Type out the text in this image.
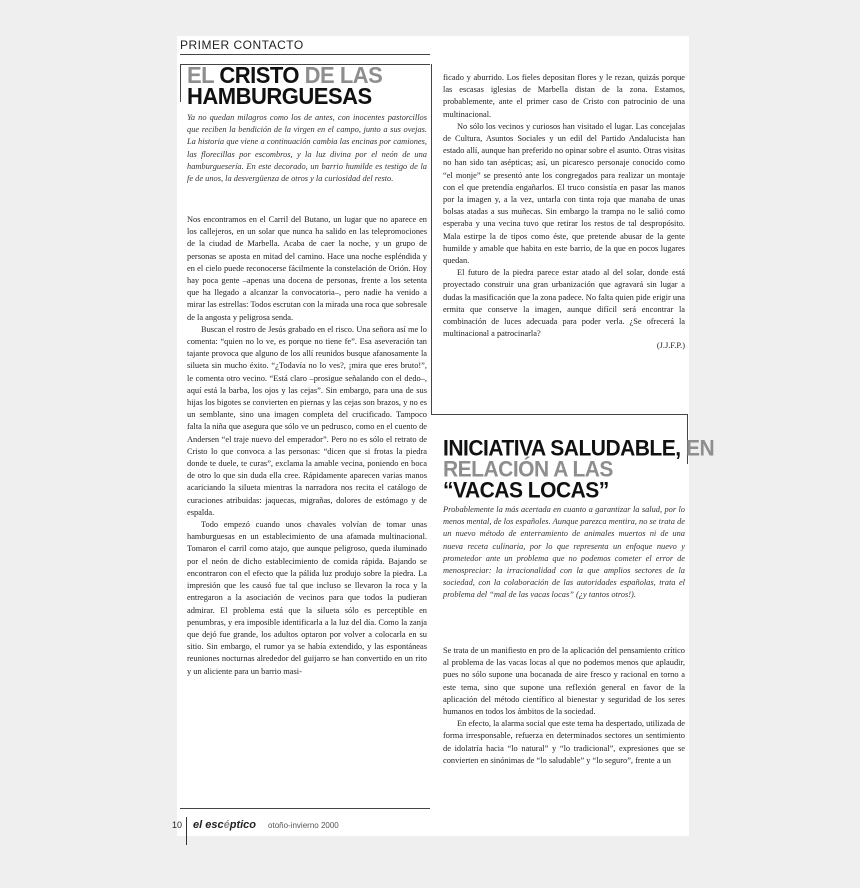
PRIMER CONTACTO
EL CRISTO DE LAS
HAMBURGUESAS

Ya no quedan milagros como los de antes, con inocentes pastorcillos que reciben la bendición de la virgen en el campo, junto a sus ovejas. La historia que viene a continuación cambia las encinas por camiones, las florecillas por escombros, y la luz divina por el neón de una hamburguesería. En este decorado, un barrio humilde es testigo de la fe de unos, la desvergüenza de otros y la curiosidad del resto.

Nos encontramos en el Carril del Butano, un lugar que no aparece en los callejeros, en un solar que nunca ha salido en las telepromociones de la ciudad de Marbella. Acaba de caer la noche, y un grupo de personas se aposta en mitad del camino. Hace una noche espléndida y en el cielo puede reconocerse fácilmente la constelación de Orión. Hoy hay poca gente –apenas una docena de personas, frente a los setenta que ha llegado a alcanzar la convocatoria–, pero nadie ha venido a mirar las estrellas: Todos escrutan con la mirada una roca que sobresale de la angosta y peligrosa senda.

Buscan el rostro de Jesús grabado en el risco. Una señora así me lo comenta: “quien no lo ve, es porque no tiene fe”. Esa aseveración tan tajante provoca que alguno de los allí reunidos busque afanosamente la silueta sin mucho éxito. “¿Todavía no lo ves?, ¡mira que eres bruto!”, le comenta otro vecino. “Está claro –prosigue señalando con el dedo–, aquí está la barba, los ojos y las cejas”. Sin embargo, para una de sus hijas los bigotes se convierten en piernas y las cejas son brazos, y no es un semblante, sino una imagen completa del crucificado. Tampoco falta la niña que asegura que sólo ve un pedrusco, como en el cuento de Andersen “el traje nuevo del emperador”. Pero no es sólo el retrato de Cristo lo que convoca a las personas: “dicen que si frotas la piedra donde te duele, te curas”, exclama la amable vecina, poniendo en boca de otro lo que sin duda ella cree. Rápidamente aparecen varias manos acariciando la silueta mientras la narradora nos recita el catálogo de curaciones atribuidas: jaquecas, migrañas, dolores de estómago y de espalda.

Todo empezó cuando unos chavales volvían de tomar unas hamburguesas en un establecimiento de una afamada multinacional. Tomaron el carril como atajo, que aunque peligroso, queda iluminado por el neón de dicho establecimiento de comida rápida. Bajando se encontraron con el efecto que la pálida luz produjo sobre la piedra. La impresión que les causó fue tal que incluso se llevaron la roca y la entregaron a la asociación de vecinos para que todos la pudieran admirar. El problema está que la silueta sólo es perceptible en penumbras, y era imposible identificarla a la luz del día. Como la zanja que dejó fue grande, los adultos optaron por volver a colocarla en su sitio. Sin embargo, el rumor ya se había extendido, y las espontáneas reuniones nocturnas alrededor del guijarro se han convertido en un rito y un aliciente para un barrio masi-

ficado y aburrido. Los fieles depositan flores y le rezan, quizás porque las escasas iglesias de Marbella distan de la zona. Estamos, probablemente, ante el primer caso de Cristo con patrocinio de una multinacional.

No sólo los vecinos y curiosos han visitado el lugar. Las concejalas de Cultura, Asuntos Sociales y un edil del Partido Andalucista han estado allí, aunque han preferido no opinar sobre el asunto. Otras visitas no han sido tan asépticas; así, un picaresco personaje conocido como “el monje” se presentó ante los congregados para realizar un montaje con el que pretendía engañarlos. El truco consistía en pasar las manos por la imagen y, a la vez, untarla con tinta roja que manaba de unas bolsas atadas a sus muñecas. Sin embargo la trampa no le salió como esperaba y una vecina tuvo que retirar los restos de tal despropósito. Mala estirpe la de tipos como éste, que pretende abusar de la gente humilde y amable que habita en este barrio, de la que en pocos lugares quedan.

El futuro de la piedra parece estar atado al del solar, donde está proyectado construir una gran urbanización que agravará sin lugar a dudas la masificación que la zona padece. No falta quien pide erigir una ermita que conserve la imagen, aunque difícil será encontrar la combinación de luces adecuada para poder verla. ¿Se ofrecerá la multinacional a patrocinarla?

(J.J.F.P.)

INICIATIVA SALUDABLE, EN
RELACIÓN A LAS
“VACAS LOCAS”

Probablemente la más acertada en cuanto a garantizar la salud, por lo menos mental, de los españoles. Aunque parezca mentira, no se trata de un nuevo método de enterramiento de animales muertos ni de una nueva receta culinaria, por lo que representa un enfoque nuevo y prometedor ante un problema que no podemos cometer el error de menospreciar: la irracionalidad con la que amplios sectores de la sociedad, con la colaboración de las autoridades españolas, trata el problema del “mal de las vacas locas” (¿y tantos otros!).

Se trata de un manifiesto en pro de la aplicación del pensamiento crítico al problema de las vacas locas al que no podemos menos que aplaudir, pues no sólo supone una bocanada de aire fresco y racional en torno a este tema, sino que supone una reflexión general en favor de la aplicación del método científico al bienestar y seguridad de los seres humanos en todos los ámbitos de la sociedad.

En efecto, la alarma social que este tema ha despertado, utilizada de forma irresponsable, refuerza en determinados sectores un sentimiento de idolatría hacia “lo natural” y “lo tradicional”, expresiones que se convierten en sinónimas de “lo saludable” y “lo seguro”, frente a un

10 el escéptico otoño-invierno 2000
